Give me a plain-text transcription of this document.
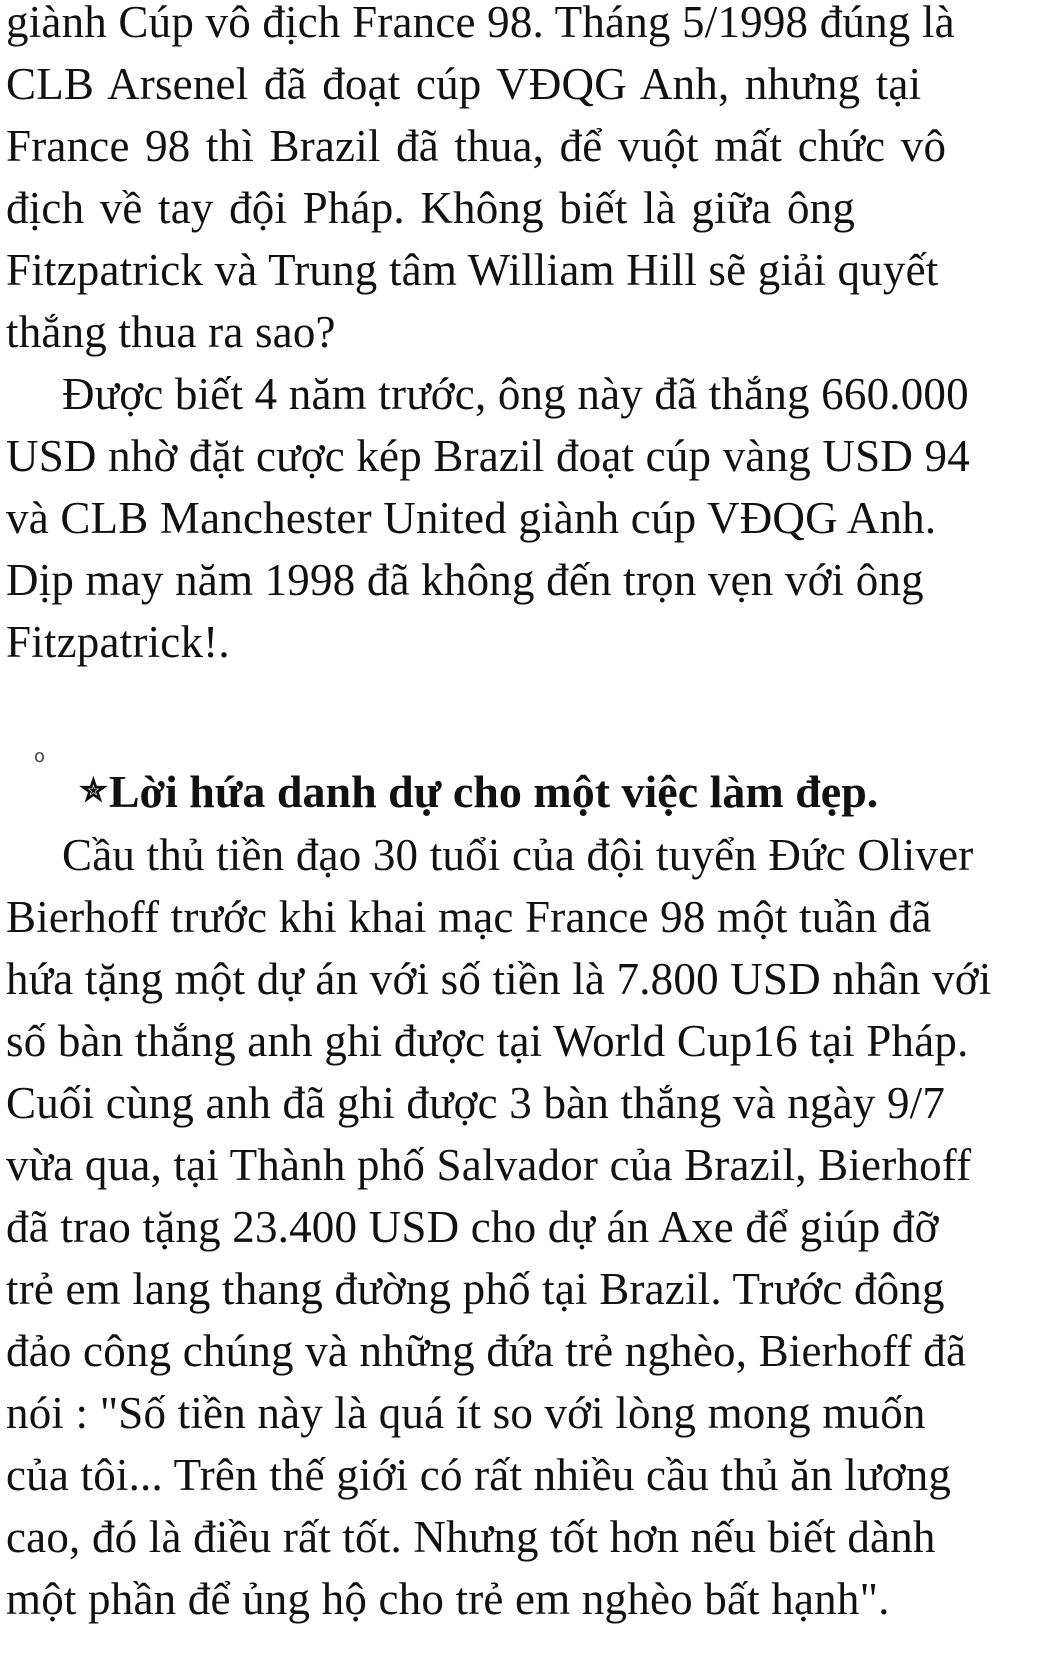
giành Cúp vô địch France 98. Tháng 5/1998 đúng là
CLB Arsenel đã đoạt cúp VĐQG Anh, nhưng tại
France 98 thì Brazil đã thua, để vuột mất chức vô
địch về tay đội Pháp. Không biết là giữa ông
Fitzpatrick và Trung tâm William Hill sẽ giải quyết
thắng thua ra sao?
Được biết 4 năm trước, ông này đã thắng 660.000
USD nhờ đặt cược kép Brazil đoạt cúp vàng USD 94
và CLB Manchester United giành cúp VĐQG Anh.
Dịp may năm 1998 đã không đến trọn vẹn với ông
Fitzpatrick!.
o
✮Lời hứa danh dự cho một việc làm đẹp.
Cầu thủ tiền đạo 30 tuổi của đội tuyển Đức Oliver
Bierhoff trước khi khai mạc France 98 một tuần đã
hứa tặng một dự án với số tiền là 7.800 USD nhân với
số bàn thắng anh ghi được tại World Cup16 tại Pháp.
Cuối cùng anh đã ghi được 3 bàn thắng và ngày 9/7
vừa qua, tại Thành phố Salvador của Brazil, Bierhoff
đã trao tặng 23.400 USD cho dự án Axe để giúp đỡ
trẻ em lang thang đường phố tại Brazil. Trước đông
đảo công chúng và những đứa trẻ nghèo, Bierhoff đã
nói : "Số tiền này là quá ít so với lòng mong muốn
của tôi... Trên thế giới có rất nhiều cầu thủ ăn lương
cao, đó là điều rất tốt. Nhưng tốt hơn nếu biết dành
một phần để ủng hộ cho trẻ em nghèo bất hạnh".
